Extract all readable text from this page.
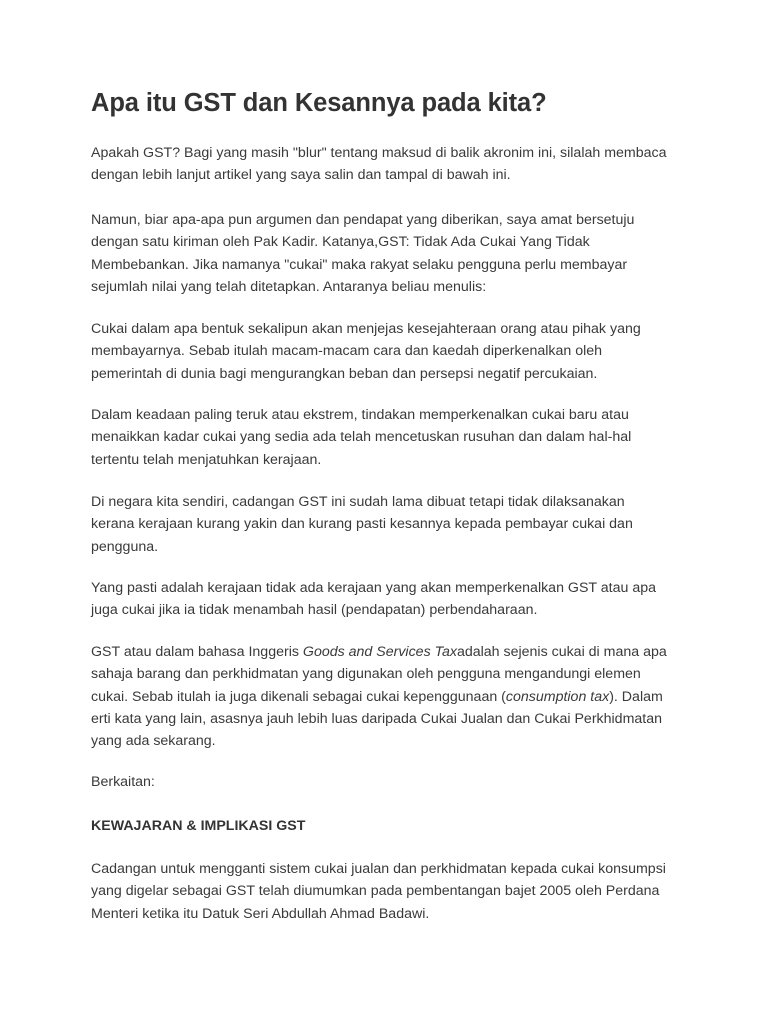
Apa itu GST dan Kesannya pada kita?

Apakah GST? Bagi yang masih "blur" tentang maksud di balik akronim ini, silalah membaca
dengan lebih lanjut artikel yang saya salin dan tampal di bawah ini.

Namun, biar apa-apa pun argumen dan pendapat yang diberikan, saya amat bersetuju
dengan satu kiriman oleh Pak Kadir. Katanya,GST: Tidak Ada Cukai Yang Tidak
Membebankan. Jika namanya "cukai" maka rakyat selaku pengguna perlu membayar
sejumlah nilai yang telah ditetapkan. Antaranya beliau menulis:

Cukai dalam apa bentuk sekalipun akan menjejas kesejahteraan orang atau pihak yang
membayarnya. Sebab itulah macam-macam cara dan kaedah diperkenalkan oleh
pemerintah di dunia bagi mengurangkan beban dan persepsi negatif percukaian.

Dalam keadaan paling teruk atau ekstrem, tindakan memperkenalkan cukai baru atau
menaikkan kadar cukai yang sedia ada telah mencetuskan rusuhan dan dalam hal-hal
tertentu telah menjatuhkan kerajaan.

Di negara kita sendiri, cadangan GST ini sudah lama dibuat tetapi tidak dilaksanakan
kerana kerajaan kurang yakin dan kurang pasti kesannya kepada pembayar cukai dan
pengguna.

Yang pasti adalah kerajaan tidak ada kerajaan yang akan memperkenalkan GST atau apa
juga cukai jika ia tidak menambah hasil (pendapatan) perbendaharaan.

GST atau dalam bahasa Inggeris Goods and Services Taxadalah sejenis cukai di mana apa
sahaja barang dan perkhidmatan yang digunakan oleh pengguna mengandungi elemen
cukai. Sebab itulah ia juga dikenali sebagai cukai kepenggunaan (consumption tax). Dalam
erti kata yang lain, asasnya jauh lebih luas daripada Cukai Jualan dan Cukai Perkhidmatan
yang ada sekarang.

Berkaitan:

KEWAJARAN & IMPLIKASI GST

Cadangan untuk mengganti sistem cukai jualan dan perkhidmatan kepada cukai konsumpsi
yang digelar sebagai GST telah diumumkan pada pembentangan bajet 2005 oleh Perdana
Menteri ketika itu Datuk Seri Abdullah Ahmad Badawi.
